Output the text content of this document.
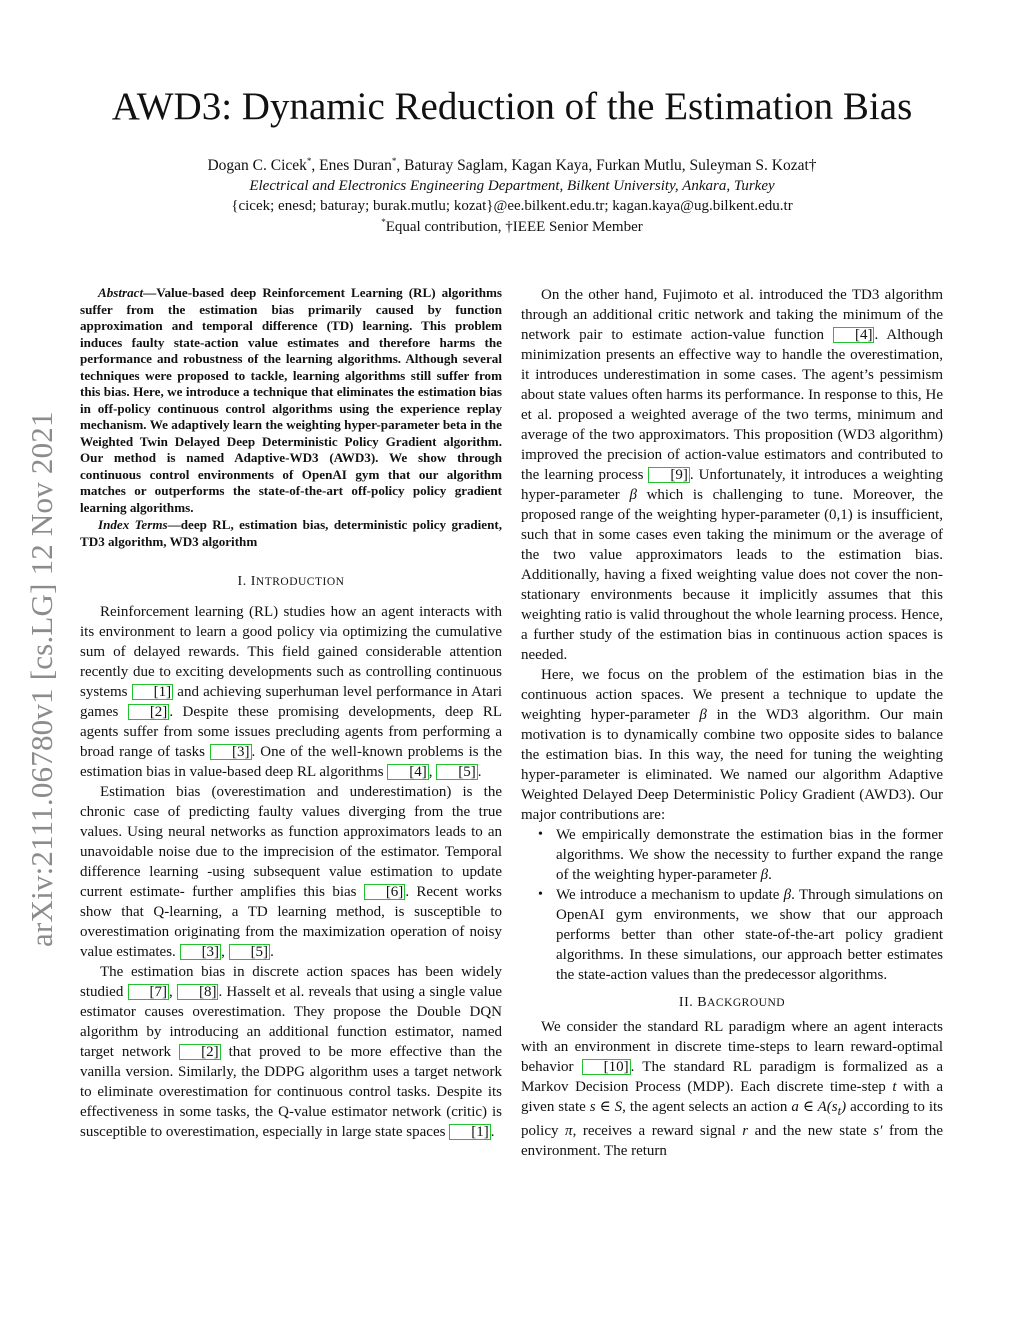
arXiv:2111.06780v1 [cs.LG] 12 Nov 2021
AWD3: Dynamic Reduction of the Estimation Bias
Dogan C. Cicek*, Enes Duran*, Baturay Saglam, Kagan Kaya, Furkan Mutlu, Suleyman S. Kozat†
Electrical and Electronics Engineering Department, Bilkent University, Ankara, Turkey
{cicek; enesd; baturay; burak.mutlu; kozat}@ee.bilkent.edu.tr; kagan.kaya@ug.bilkent.edu.tr
*Equal contribution, †IEEE Senior Member

Abstract—Value-based deep Reinforcement Learning (RL) algorithms suffer from the estimation bias primarily caused by function approximation and temporal difference (TD) learning. This problem induces faulty state-action value estimates and therefore harms the performance and robustness of the learning algorithms. Although several techniques were proposed to tackle, learning algorithms still suffer from this bias. Here, we introduce a technique that eliminates the estimation bias in off-policy continuous control algorithms using the experience replay mechanism. We adaptively learn the weighting hyper-parameter beta in the Weighted Twin Delayed Deep Deterministic Policy Gradient algorithm. Our method is named Adaptive-WD3 (AWD3). We show through continuous control environments of OpenAI gym that our algorithm matches or outperforms the state-of-the-art off-policy policy gradient learning algorithms.

Index Terms—deep RL, estimation bias, deterministic policy gradient, TD3 algorithm, WD3 algorithm

I. INTRODUCTION

Reinforcement learning (RL) studies how an agent interacts with its environment to learn a good policy via optimizing the cumulative sum of delayed rewards. This field gained considerable attention recently due to exciting developments such as controlling continuous systems [1] and achieving superhuman level performance in Atari games [2] . Despite these promising developments, deep RL agents suffer from some issues precluding agents from performing a broad range of tasks [3] . One of the well-known problems is the estimation bias in value-based deep RL algorithms [4] , [5] .

Estimation bias (overestimation and underestimation) is the chronic case of predicting faulty values diverging from the true values. Using neural networks as function approximators leads to an unavoidable noise due to the imprecision of the estimator. Temporal difference learning -using subsequent value estimation to update current estimate- further amplifies this bias [6] . Recent works show that Q-learning, a TD learning method, is susceptible to overestimation originating from the maximization operation of noisy value estimates. [3] , [5] .

The estimation bias in discrete action spaces has been widely studied [7] , [8] . Hasselt et al. reveals that using a single value estimator causes overestimation. They propose the Double DQN algorithm by introducing an additional function estimator, named target network [2] that proved to be more effective than the vanilla version. Similarly, the DDPG algorithm uses a target network to eliminate overestimation for continuous control tasks. Despite its effectiveness in some tasks, the Q-value estimator network (critic) is susceptible to overestimation, especially in large state spaces [1] .

On the other hand, Fujimoto et al. introduced the TD3 algorithm through an additional critic network and taking the minimum of the network pair to estimate action-value function [4] . Although minimization presents an effective way to handle the overestimation, it introduces underestimation in some cases. The agent’s pessimism about state values often harms its performance. In response to this, He et al. proposed a weighted average of the two terms, minimum and average of the two approximators. This proposition (WD3 algorithm) improved the precision of action-value estimators and contributed to the learning process [9] . Unfortunately, it introduces a weighting hyper-parameter β which is challenging to tune. Moreover, the proposed range of the weighting hyper-parameter (0,1) is insufficient, such that in some cases even taking the minimum or the average of the two value approximators leads to the estimation bias. Additionally, having a fixed weighting value does not cover the non-stationary environments because it implicitly assumes that this weighting ratio is valid throughout the whole learning process. Hence, a further study of the estimation bias in continuous action spaces is needed.

Here, we focus on the problem of the estimation bias in the continuous action spaces. We present a technique to update the weighting hyper-parameter β in the WD3 algorithm. Our main motivation is to dynamically combine two opposite sides to balance the estimation bias. In this way, the need for tuning the weighting hyper-parameter is eliminated. We named our algorithm Adaptive Weighted Delayed Deep Deterministic Policy Gradient (AWD3). Our major contributions are:

• We empirically demonstrate the estimation bias in the former algorithms. We show the necessity to further expand the range of the weighting hyper-parameter β.
• We introduce a mechanism to update β. Through simulations on OpenAI gym environments, we show that our approach performs better than other state-of-the-art policy gradient algorithms. In these simulations, our approach better estimates the state-action values than the predecessor algorithms.
II. BACKGROUND

We consider the standard RL paradigm where an agent interacts with an environment in discrete time-steps to learn reward-optimal behavior [10] . The standard RL paradigm is formalized as a Markov Decision Process (MDP). Each discrete time-step t with a given state s ∈ S, the agent selects an action a ∈ $A(s_t)$ according to its policy π, receives a reward signal r and the new state s′ from the environment. The return
